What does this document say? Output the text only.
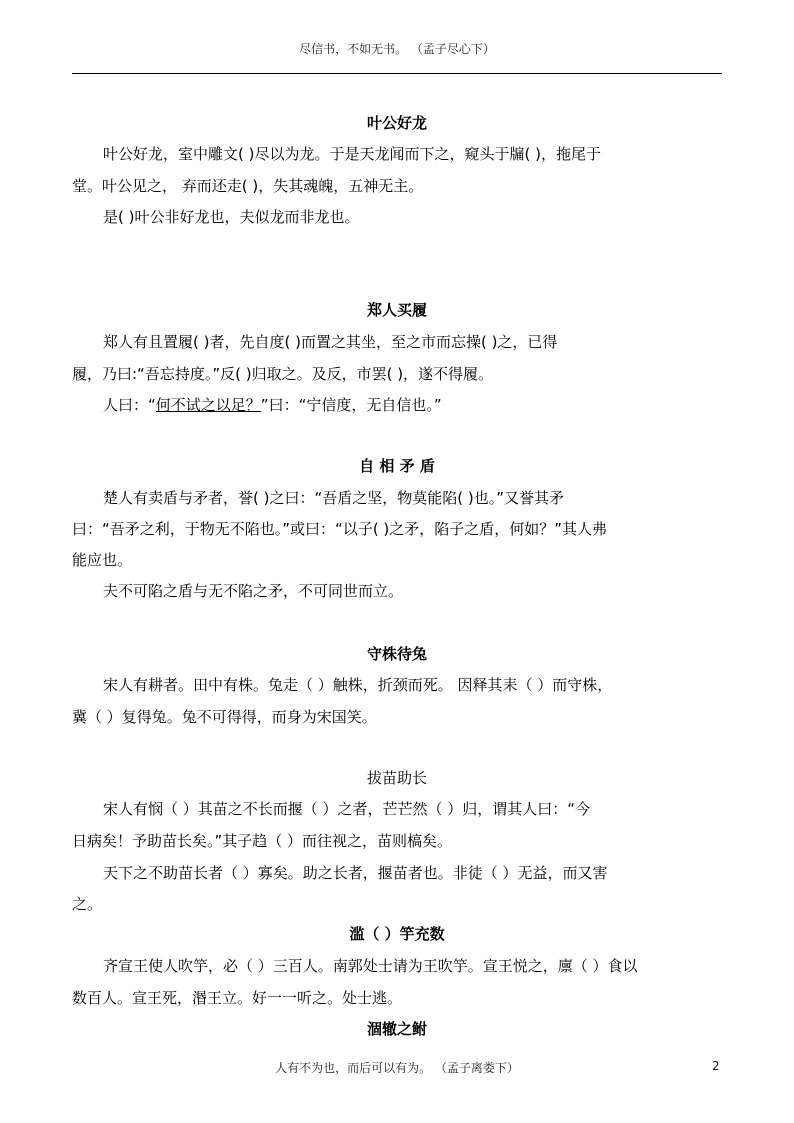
尽信书，不如无书。 （孟子尽心下）
叶公好龙
叶公好龙，室中雕文( )尽以为龙。于是天龙闻而下之，窥头于牖( )，拖尾于
堂。叶公见之， 弃而还走( )，失其魂魄，五神无主。
是( )叶公非好龙也，夫似龙而非龙也。
郑人买履
郑人有且置履( )者，先自度( )而置之其坐，至之市而忘操( )之，已得
履，乃曰:“吾忘持度。”反( )归取之。及反，市罢( )，遂不得履。
人曰：“何不试之以足？”曰：“宁信度，无自信也。”
自 相 矛 盾
楚人有卖盾与矛者，誉( )之曰：“吾盾之坚，物莫能陷( )也。”又誉其矛
曰：“吾矛之利，于物无不陷也。”或曰：“以子( )之矛，陷子之盾，何如？”其人弗
能应也。
夫不可陷之盾与无不陷之矛，不可同世而立。
守株待兔
宋人有耕者。田中有株。兔走（ ）触株，折颈而死。 因释其耒（ ）而守株，
冀（ ）复得兔。兔不可得得，而身为宋国笑。
拔苗助长
宋人有悯（ ）其苗之不长而揠（ ）之者，芒芒然（ ）归，谓其人曰：“今
日病矣！予助苗长矣。”其子趋（ ）而往视之，苗则槁矣。
天下之不助苗长者（ ）寡矣。助之长者，揠苗者也。非徒（ ）无益，而又害
之。
滥（ ）竽充数
齐宣王使人吹竽，必（ ）三百人。南郭处士请为王吹竽。宣王悦之，廪（ ）食以
数百人。宣王死，湣王立。好一一听之。处士逃。
涸辙之鲋
人有不为也，而后可以有为。 （孟子离娄下）	2
